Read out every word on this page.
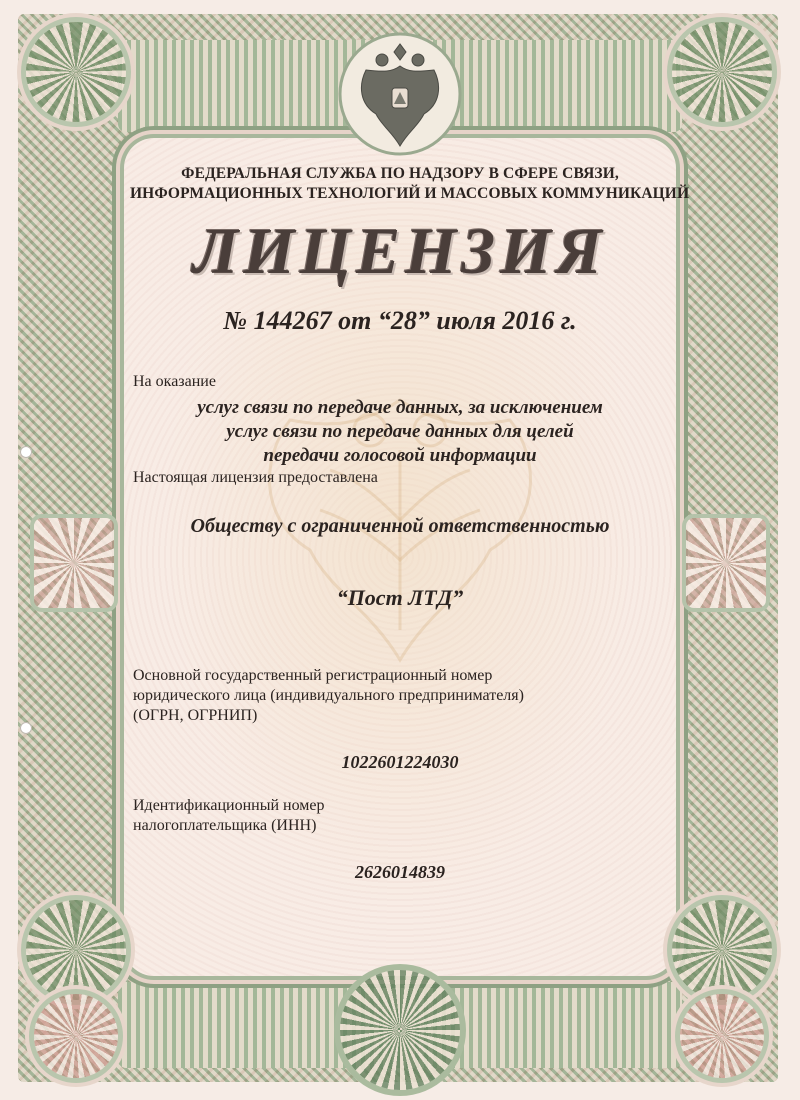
ФЕДЕРАЛЬНАЯ СЛУЖБА ПО НАДЗОРУ В СФЕРЕ СВЯЗИ,
ИНФОРМАЦИОННЫХ ТЕХНОЛОГИЙ И МАССОВЫХ КОММУНИКАЦИЙ
ЛИЦЕНЗИЯ
№ 144267 от “28” июля 2016 г.
На оказание
услуг связи по передаче данных, за исключением
услуг связи по передаче данных для целей
передачи голосовой информации
Настоящая лицензия предоставлена
Обществу с ограниченной ответственностью
“Пост ЛТД”
Основной государственный регистрационный номер
юридического лица (индивидуального предпринимателя)
(ОГРН, ОГРНИП)
1022601224030
Идентификационный номер
налогоплательщика (ИНН)
2626014839
